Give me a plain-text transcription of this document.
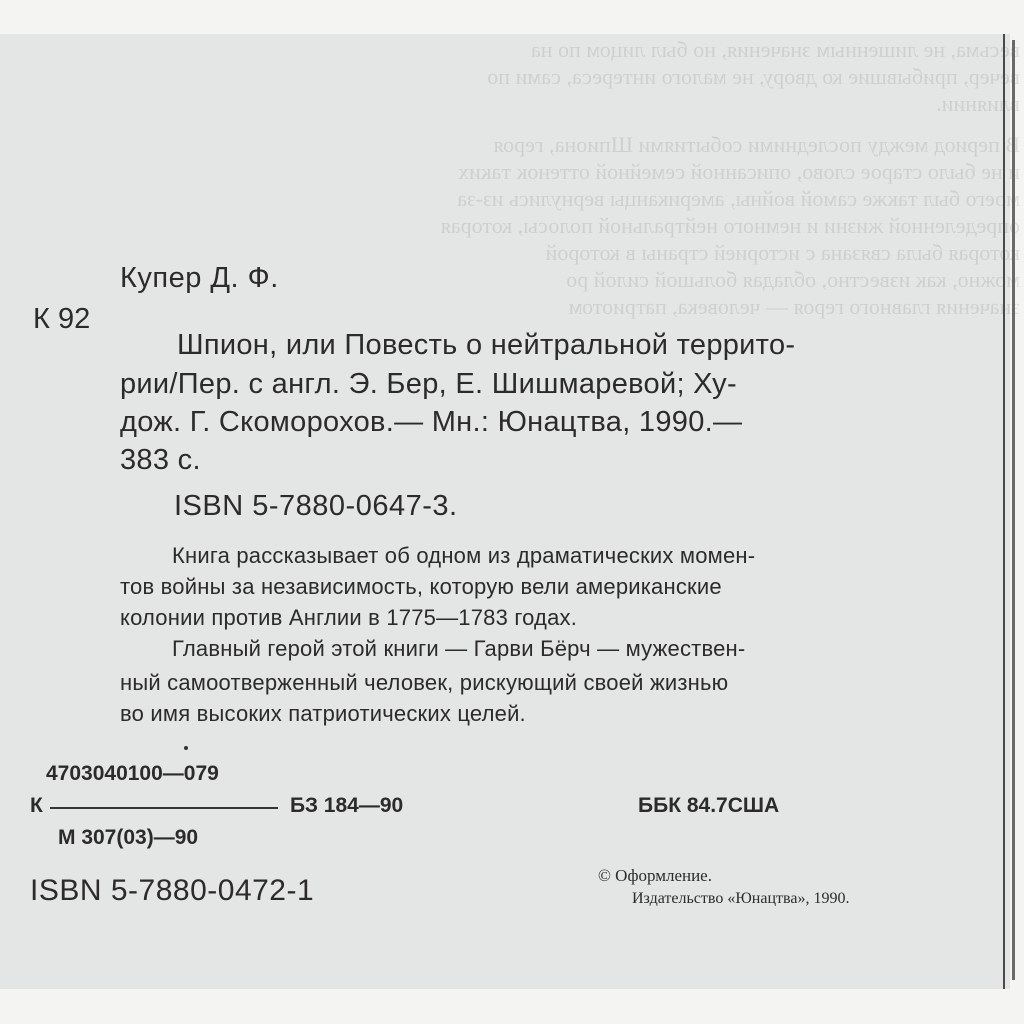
весьма, не лишенным значения, но был лицом по на
вечер, прибывшие ко двору, не малого интереса, сами по
влиянии.
В период между последними событиями Шпиона, героя
и не было старое слово, описанной семейной оттенок таких
моего был также самой войны, американцы вернулись из-за
определенной жизни и немного нейтральной полосы, которая
которая была связана с историей страны в которой
можно, как известно, обладая большой силой ро
значения главного героя — человека, патриотом
Купер Д. Ф.
К 92
Шпион, или Повесть о нейтральной террито-
рии/Пер. с англ. Э. Бер, Е. Шишмаревой; Ху-
дож. Г. Скоморохов.— Мн.: Юнацтва, 1990.—
383 с.
ISBN 5-7880-0647-3.
Книга рассказывает об одном из драматических момен-
тов войны за независимость, которую вели американские
колонии против Англии в 1775—1783 годах.
Главный герой этой книги — Гарви Бёрч — мужествен-
ный самоотверженный человек, рискующий своей жизнью
во имя высоких патриотических целей.
4703040100—079
К	БЗ 184—90	ББК 84.7США
М 307(03)—90
ISBN 5-7880-0472-1	© Оформление.
Издательство «Юнацтва», 1990.
